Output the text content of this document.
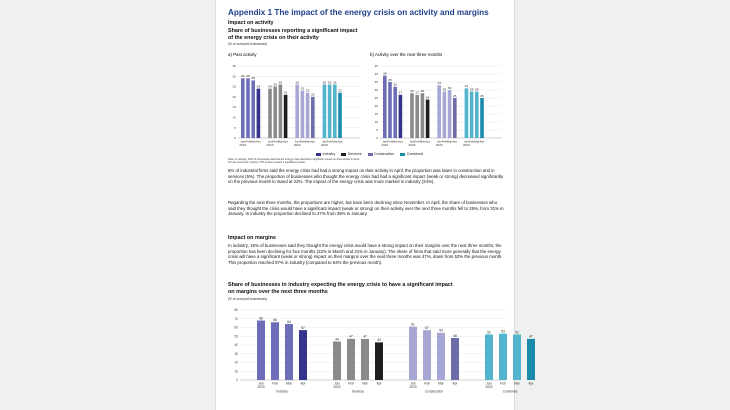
Appendix 1 The impact of the energy crisis on activity and margins
Impact on activity
Share of businesses reporting a significant impact
of the energy crisis on their activity
(% of surveyed businesses)
a) Past activity	b) Activity over the next three months
0
5
10
15
20
25
30
35
29
Jan
2023
29
Feb
28
Mar
24
Apr
24
Jan
2023
25
Feb
26
Mar
21
Apr
26
Jan
2023
23
Feb
22
Mar
20
Apr
26
Jan
2023
26
Feb
26
Mar
22
Apr
0
5
10
15
20
25
30
35
40
45
39
Jan
2023
35
Feb
32
Mar
27
Apr
28
Jan
2023
27
Feb
28
Mar
24
Apr
33
Jan
2023
29
Feb
30
Mar
25
Apr
31
Jan
2023
29
Feb
29
Mar
25
Apr
Industry	Services	Construction	Combined
Note: in industry, 29% of companies said that the energy crisis had had a significant impact on their activity in April.
For the next three months, 27% of them expect a significant impact.
6% of industrial firms said the energy crisis had had a strong impact on their activity in April; the proportion was lower in construction and in services (5%). The proportion of businesses who thought the energy crisis had had a significant impact (weak or strong) decreased significantly on the previous month to stand at 22%. The impact of the energy crisis was more marked in industry (24%).
Regarding the next three months, the proportions are higher, but have been declining since November. In April, the share of businesses who said they thought the crisis would have a significant impact (weak or strong) on their activity over the next three months fell to 25%, from 31% in January. In industry the proportion declined to 27% from 39% in January.
Impact on margins
In industry, 19% of businesses said they thought the energy crisis would have a strong impact on their margins over the next three months; the proportion has been declining for four months (22% in March and 31% in January). The share of firms that said more generally that the energy crisis will have a significant (weak or strong) impact on their margins over the next three months was 47%, down from 52% the previous month. This proportion reached 57% in industry (compared to 64% the previous month).
Share of businesses in industry expecting the energy crisis to have a significant impact
on margins over the next three months
(% of surveyed businesses)
0
10
20
30
40
50
60
70
80
68
Jan
2023
66
Feb
64
Mar
57
Apr
Industry
44
Jan
2023
47
Feb
47
Mar
43
Apr
Services
61
Jan
2023
57
Feb
54
Mar
48
Apr
Construction
52
Jan
2023
53
Feb
52
Mar
47
Apr
Combined
